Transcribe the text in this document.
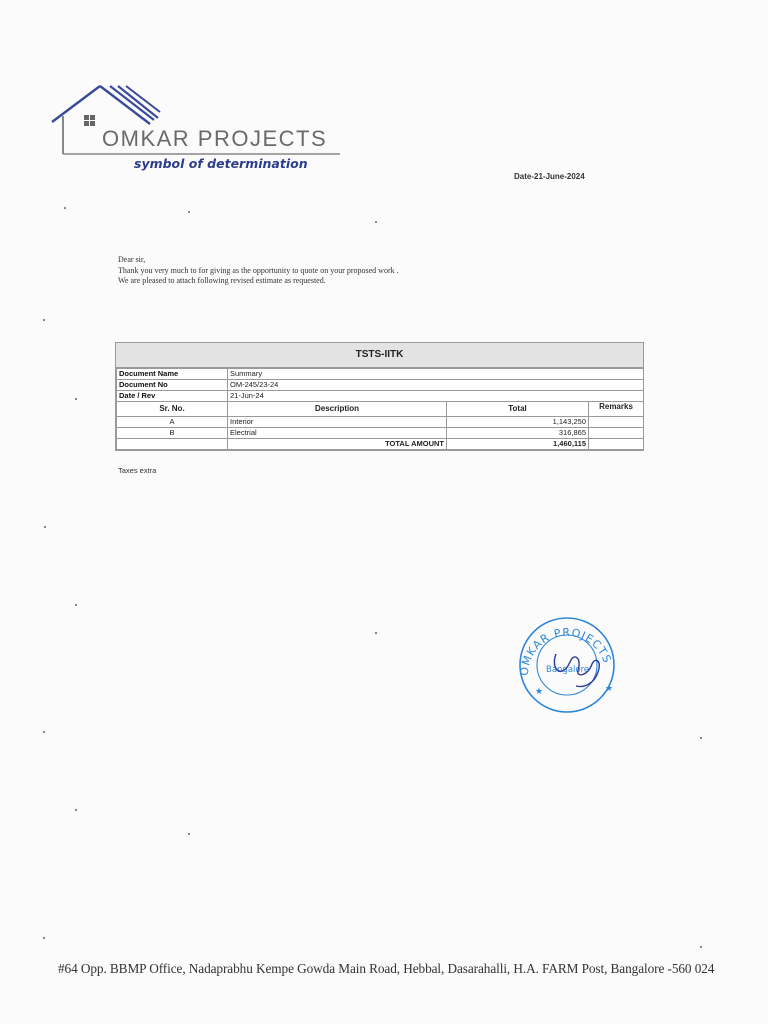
OMKAR PROJECTS
symbol of determination
Date-21-June-2024
Dear sir,
Thank you very much to for giving as the opportunity to quote on your proposed work .
We are pleased to attach following revised estimate as requested.
TSTS-IITK
Document Name	Summary		
Document No	OM-245/23-24		
Date / Rev	21-Jun-24		
Sr. No.	Description	Total	Remarks
A	Interior	1,143,250	
B	Electrial	316,865	
	TOTAL AMOUNT	1,460,115	
Taxes extra
OMKAR PROJECTS
★	★
Bangalore
#64 Opp. BBMP Office, Nadaprabhu Kempe Gowda Main Road, Hebbal, Dasarahalli, H.A. FARM Post, Bangalore -560 024
